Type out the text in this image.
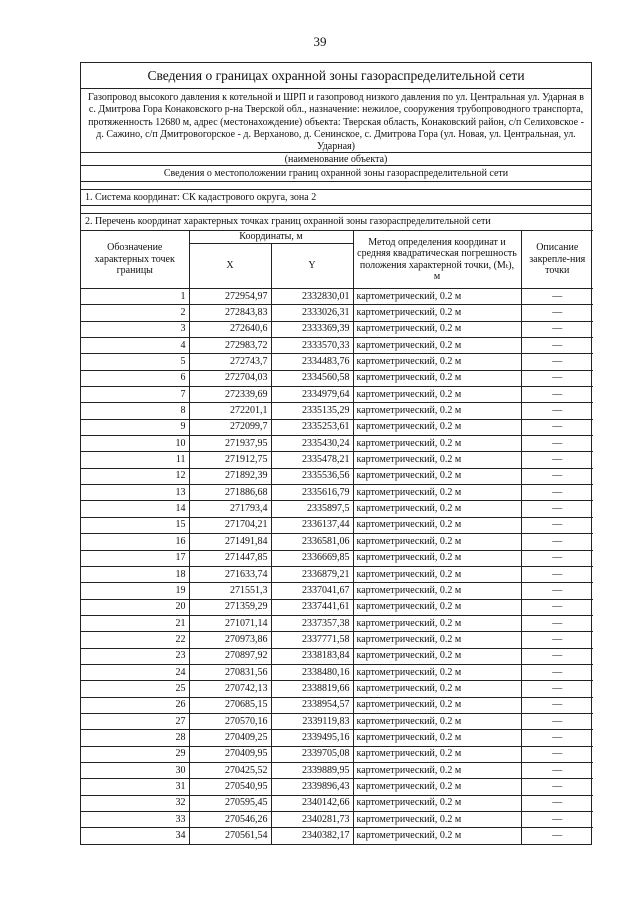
39
Сведения о границах охранной зоны газораспределительной сети
Газопровод высокого давления к котельной и ШРП и газопровод низкого давления по ул. Центральная ул. Ударная в с. Дмитрова Гора Конаковского р-на Тверской обл., назначение: нежилое, сооружения трубопроводного транспорта, протяженность 12680 м, адрес (местонахождение) объекта: Тверская область, Конаковский район, с/п Селиховское - д. Сажино, с/п Дмитровогорское - д. Верханово, д. Сенинское, с. Дмитрова Гора (ул. Новая, ул. Центральная, ул. Ударная)
(наименование объекта)
Сведения о местоположении границ охранной зоны газораспределительной сети
1. Система координат: СК кадастрового округа, зона 2
2. Перечень координат характерных точках границ охранной зоны газораспределительной сети
Обозначение характерных точек границы	Координаты, м		Метод определения координат и средняя квадратическая погрешность положения характерной точки, (Mₜ), м	Описание закрепле-ния точки
	X	Y		
1	272954,97	2332830,01	картометрический, 0.2 м	—
2	272843,83	2333026,31	картометрический, 0.2 м	—
3	272640,6	2333369,39	картометрический, 0.2 м	—
4	272983,72	2333570,33	картометрический, 0.2 м	—
5	272743,7	2334483,76	картометрический, 0.2 м	—
6	272704,03	2334560,58	картометрический, 0.2 м	—
7	272339,69	2334979,64	картометрический, 0.2 м	—
8	272201,1	2335135,29	картометрический, 0.2 м	—
9	272099,7	2335253,61	картометрический, 0.2 м	—
10	271937,95	2335430,24	картометрический, 0.2 м	—
11	271912,75	2335478,21	картометрический, 0.2 м	—
12	271892,39	2335536,56	картометрический, 0.2 м	—
13	271886,68	2335616,79	картометрический, 0.2 м	—
14	271793,4	2335897,5	картометрический, 0.2 м	—
15	271704,21	2336137,44	картометрический, 0.2 м	—
16	271491,84	2336581,06	картометрический, 0.2 м	—
17	271447,85	2336669,85	картометрический, 0.2 м	—
18	271633,74	2336879,21	картометрический, 0.2 м	—
19	271551,3	2337041,67	картометрический, 0.2 м	—
20	271359,29	2337441,61	картометрический, 0.2 м	—
21	271071,14	2337357,38	картометрический, 0.2 м	—
22	270973,86	2337771,58	картометрический, 0.2 м	—
23	270897,92	2338183,84	картометрический, 0.2 м	—
24	270831,56	2338480,16	картометрический, 0.2 м	—
25	270742,13	2338819,66	картометрический, 0.2 м	—
26	270685,15	2338954,57	картометрический, 0.2 м	—
27	270570,16	2339119,83	картометрический, 0.2 м	—
28	270409,25	2339495,16	картометрический, 0.2 м	—
29	270409,95	2339705,08	картометрический, 0.2 м	—
30	270425,52	2339889,95	картометрический, 0.2 м	—
31	270540,95	2339896,43	картометрический, 0.2 м	—
32	270595,45	2340142,66	картометрический, 0.2 м	—
33	270546,26	2340281,73	картометрический, 0.2 м	—
34	270561,54	2340382,17	картометрический, 0.2 м	—
